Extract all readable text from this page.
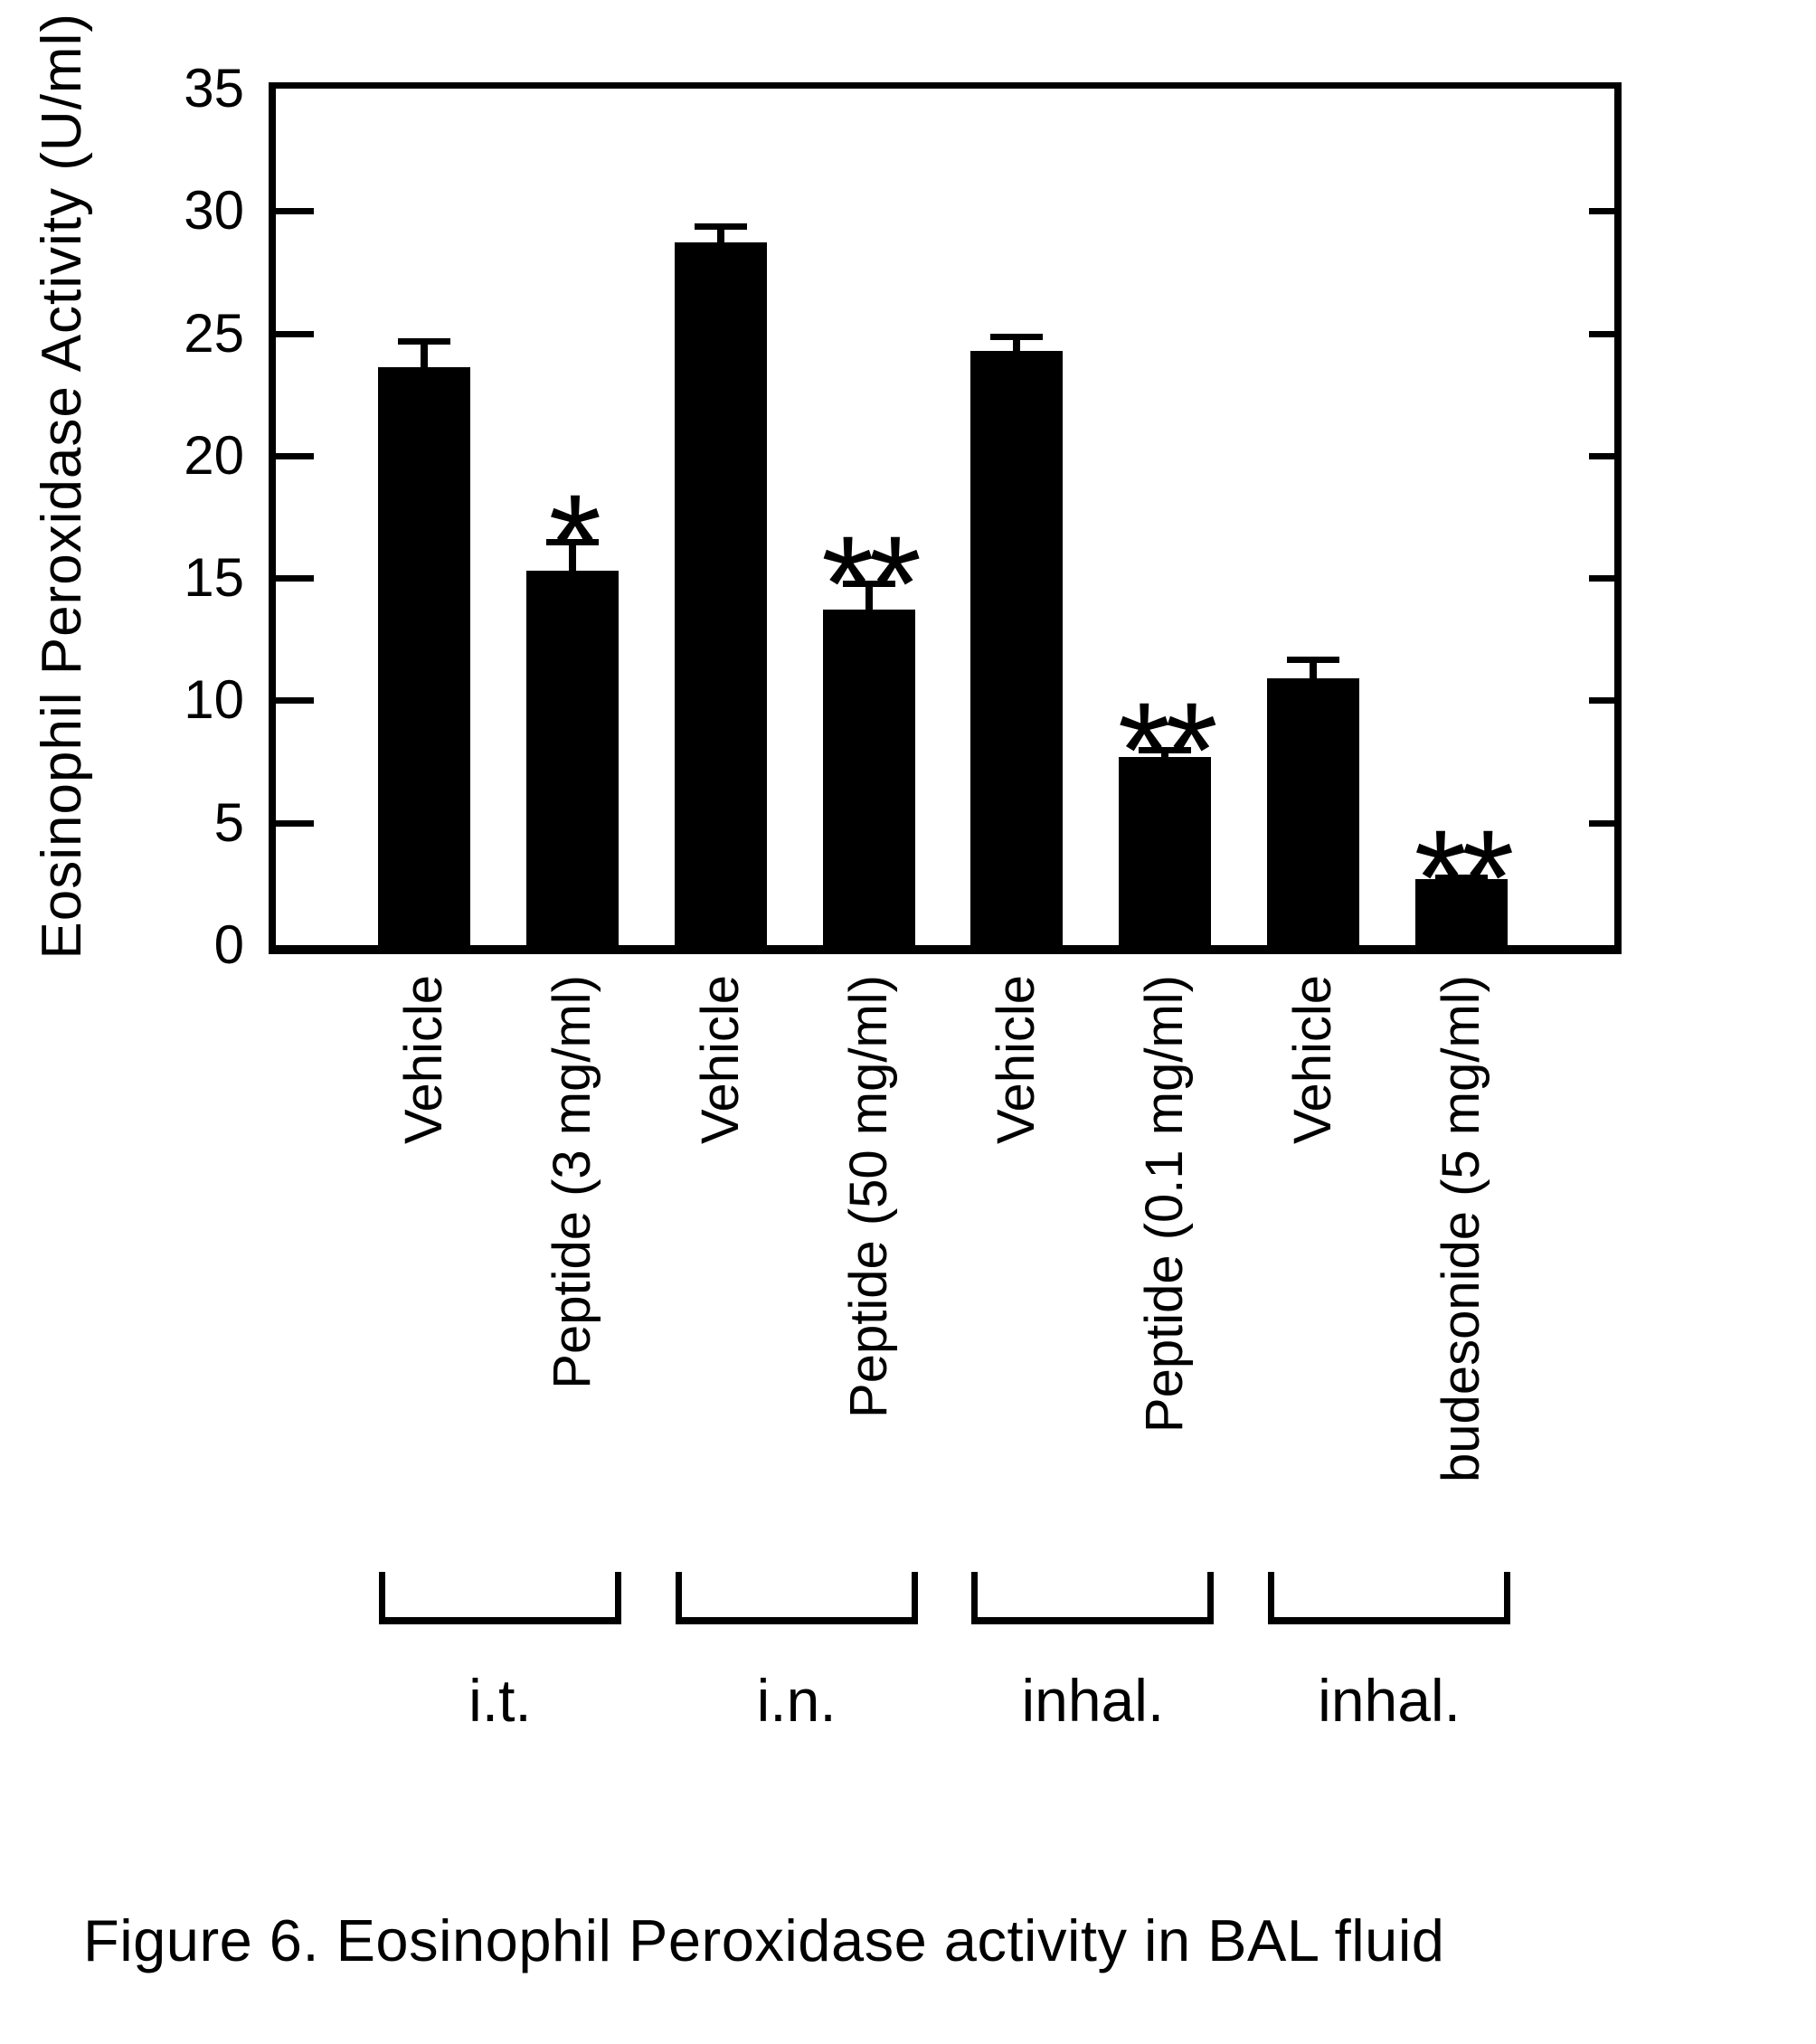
Eosinophil Peroxidase Activity (U/ml)	*	**
**
**
35
30
25
20
15
10
5
0
Vehicle Peptide (3 mg/ml) Vehicle Peptide (50 mg/ml) Vehicle Peptide (0.1 mg/ml) Vehicle budesonide (5 mg/ml)
i.t.	i.n.	inhal.	inhal.
Figure 6. Eosinophil Peroxidase activity in BAL fluid
